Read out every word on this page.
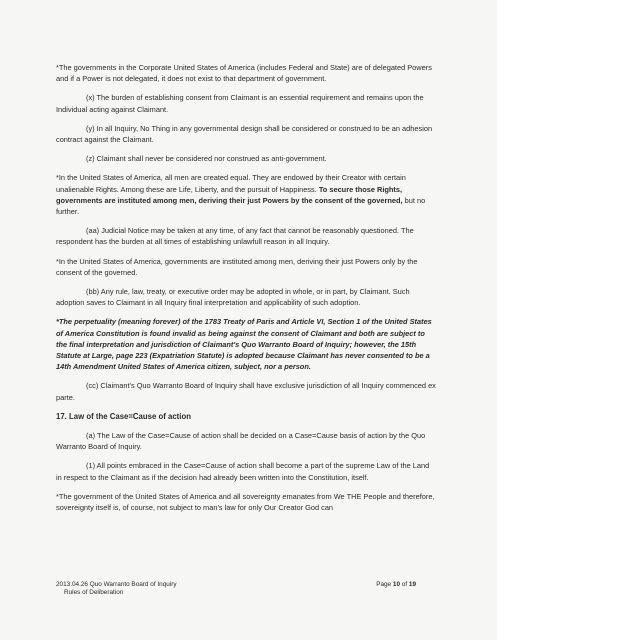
*The governments in the Corporate United States of America (includes Federal and State) are of delegated Powers and if a Power is not delegated, it does not exist to that department of government.

(x) The burden of establishing consent from Claimant is an essential requirement and remains upon the Individual acting against Claimant.

(y) In all Inquiry, No Thing in any governmental design shall be considered or construed to be an adhesion contract against the Claimant.

(z) Claimant shall never be considered nor construed as anti-government.

*In the United States of America, all men are created equal. They are endowed by their Creator with certain unalienable Rights. Among these are Life, Liberty, and the pursuit of Happiness. To secure those Rights, governments are instituted among men, deriving their just Powers by the consent of the governed, but no further.

(aa) Judicial Notice may be taken at any time, of any fact that cannot be reasonably questioned. The respondent has the burden at all times of establishing unlawfull reason in all Inquiry.

*In the United States of America, governments are instituted among men, deriving their just Powers only by the consent of the governed.

(bb) Any rule, law, treaty, or executive order may be adopted in whole, or in part, by Claimant. Such adoption saves to Claimant in all Inquiry final interpretation and applicability of such adoption.

*The perpetuality (meaning forever) of the 1783 Treaty of Paris and Article VI, Section 1 of the United States of America Constitution is found invalid as being against the consent of Claimant and both are subject to the final interpretation and jurisdiction of Claimant's Quo Warranto Board of Inquiry; however, the 15th Statute at Large, page 223 (Expatriation Statute) is adopted because Claimant has never consented to be a 14th Amendment United States of America citizen, subject, nor a person.

(cc) Claimant's Quo Warranto Board of Inquiry shall have exclusive jurisdiction of all Inquiry commenced ex parte.

17. Law of the Case=Cause of action

(a) The Law of the Case=Cause of action shall be decided on a Case=Cause basis of action by the Quo Warranto Board of Inquiry.

(1) All points embraced in the Case=Cause of action shall become a part of the supreme Law of the Land in respect to the Claimant as if the decision had already been written into the Constitution, itself.

*The government of the United States of America and all sovereignty emanates from We THE People and therefore, sovereignty itself is, of course, not subject to man's law for only Our Creator God can

2013.04.26 Quo Warranto Board of Inquiry
Rules of Deliberation
Page 10 of 19
